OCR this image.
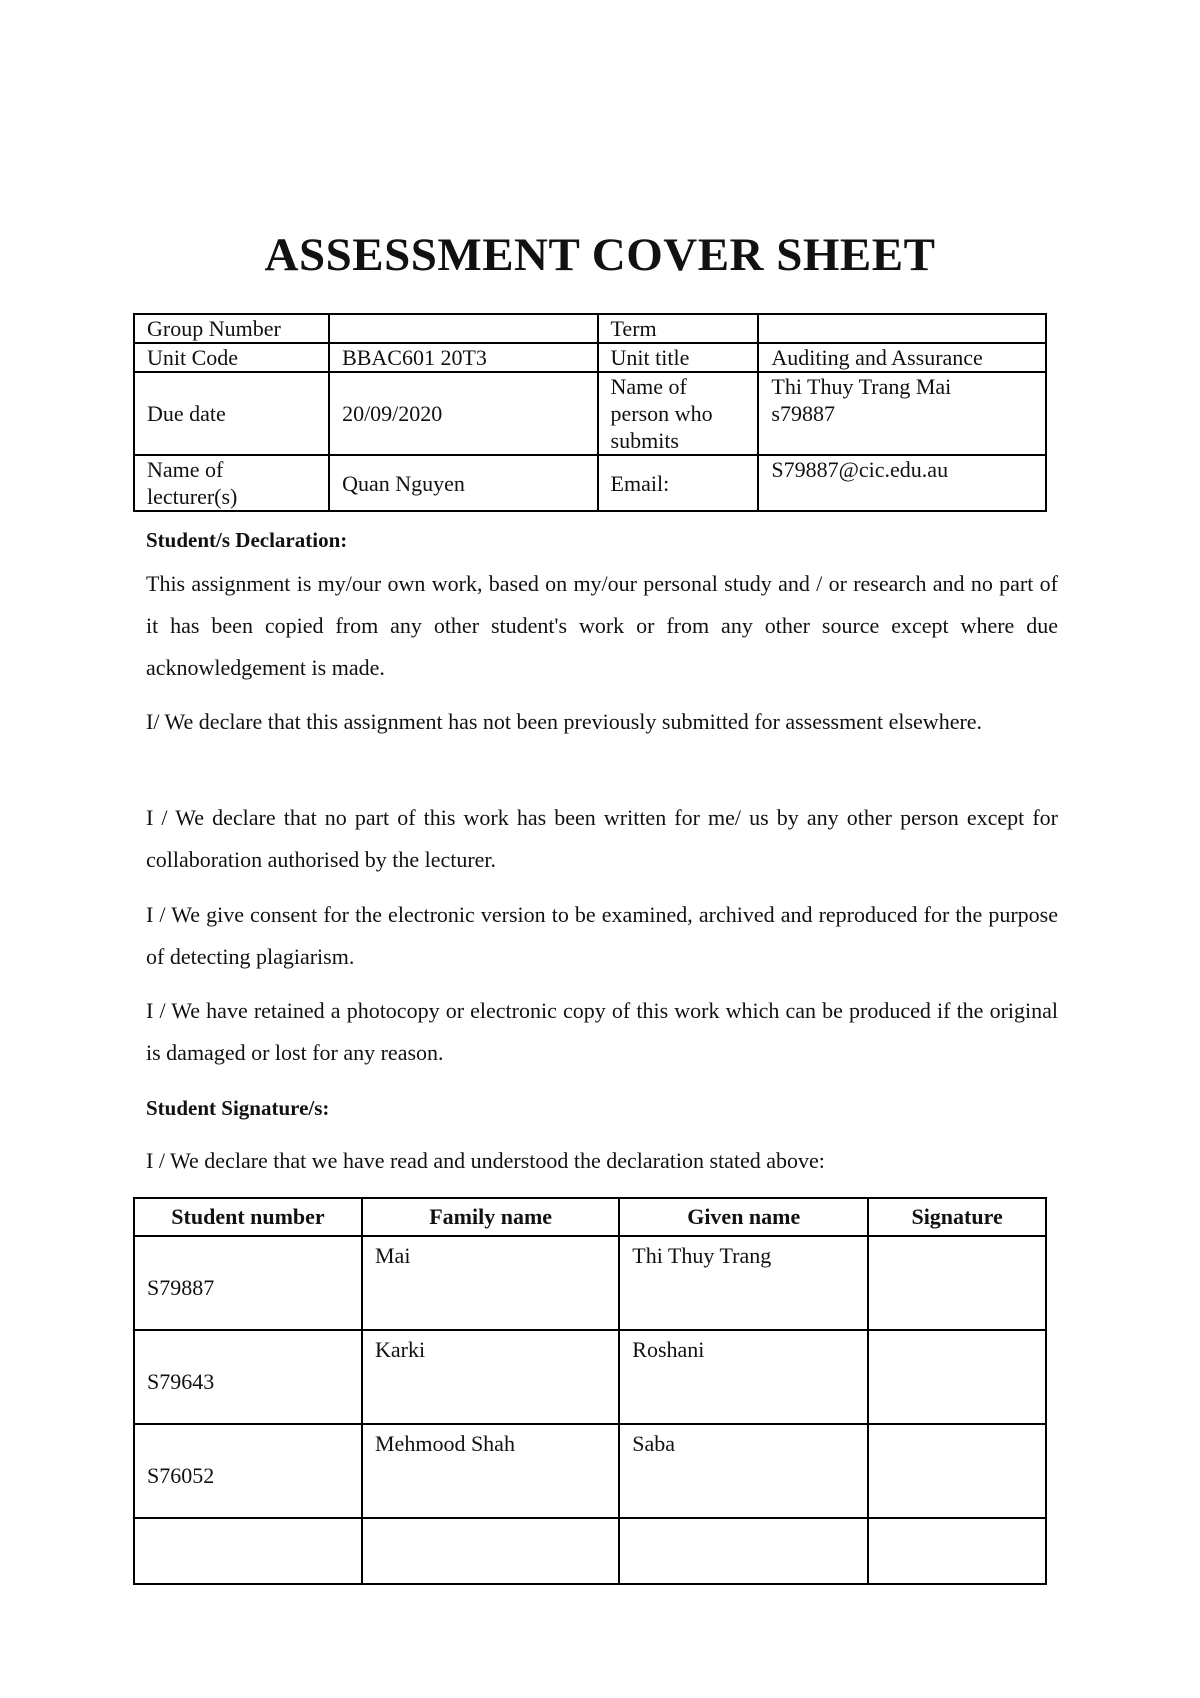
ASSESSMENT COVER SHEET
Group Number		Term	
Unit Code	BBAC601 20T3	Unit title	Auditing and Assurance
Due date	20/09/2020	Name of person who submits	Thi Thuy Trang Mai
s79887

Name of lecturer(s)	Quan Nguyen	Email:	S79887@cic.edu.au

Student/s Declaration:

This assignment is my/our own work, based on my/our personal study and / or research and no part of it has been copied from any other student's work or from any other source except where due acknowledgement is made.

I/ We declare that this assignment has not been previously submitted for assessment elsewhere.

I / We declare that no part of this work has been written for me/ us by any other person except for collaboration authorised by the lecturer.

I / We give consent for the electronic version to be examined, archived and reproduced for the purpose of detecting plagiarism.

I / We have retained a photocopy or electronic copy of this work which can be produced if the original is damaged or lost for any reason.

Student Signature/s:

I / We declare that we have read and understood the declaration stated above:

Student number	Family name	Given name	Signature
S79887	Mai	Thi Thuy Trang	
S79643	Karki	Roshani	
S76052	Mehmood Shah	Saba	
